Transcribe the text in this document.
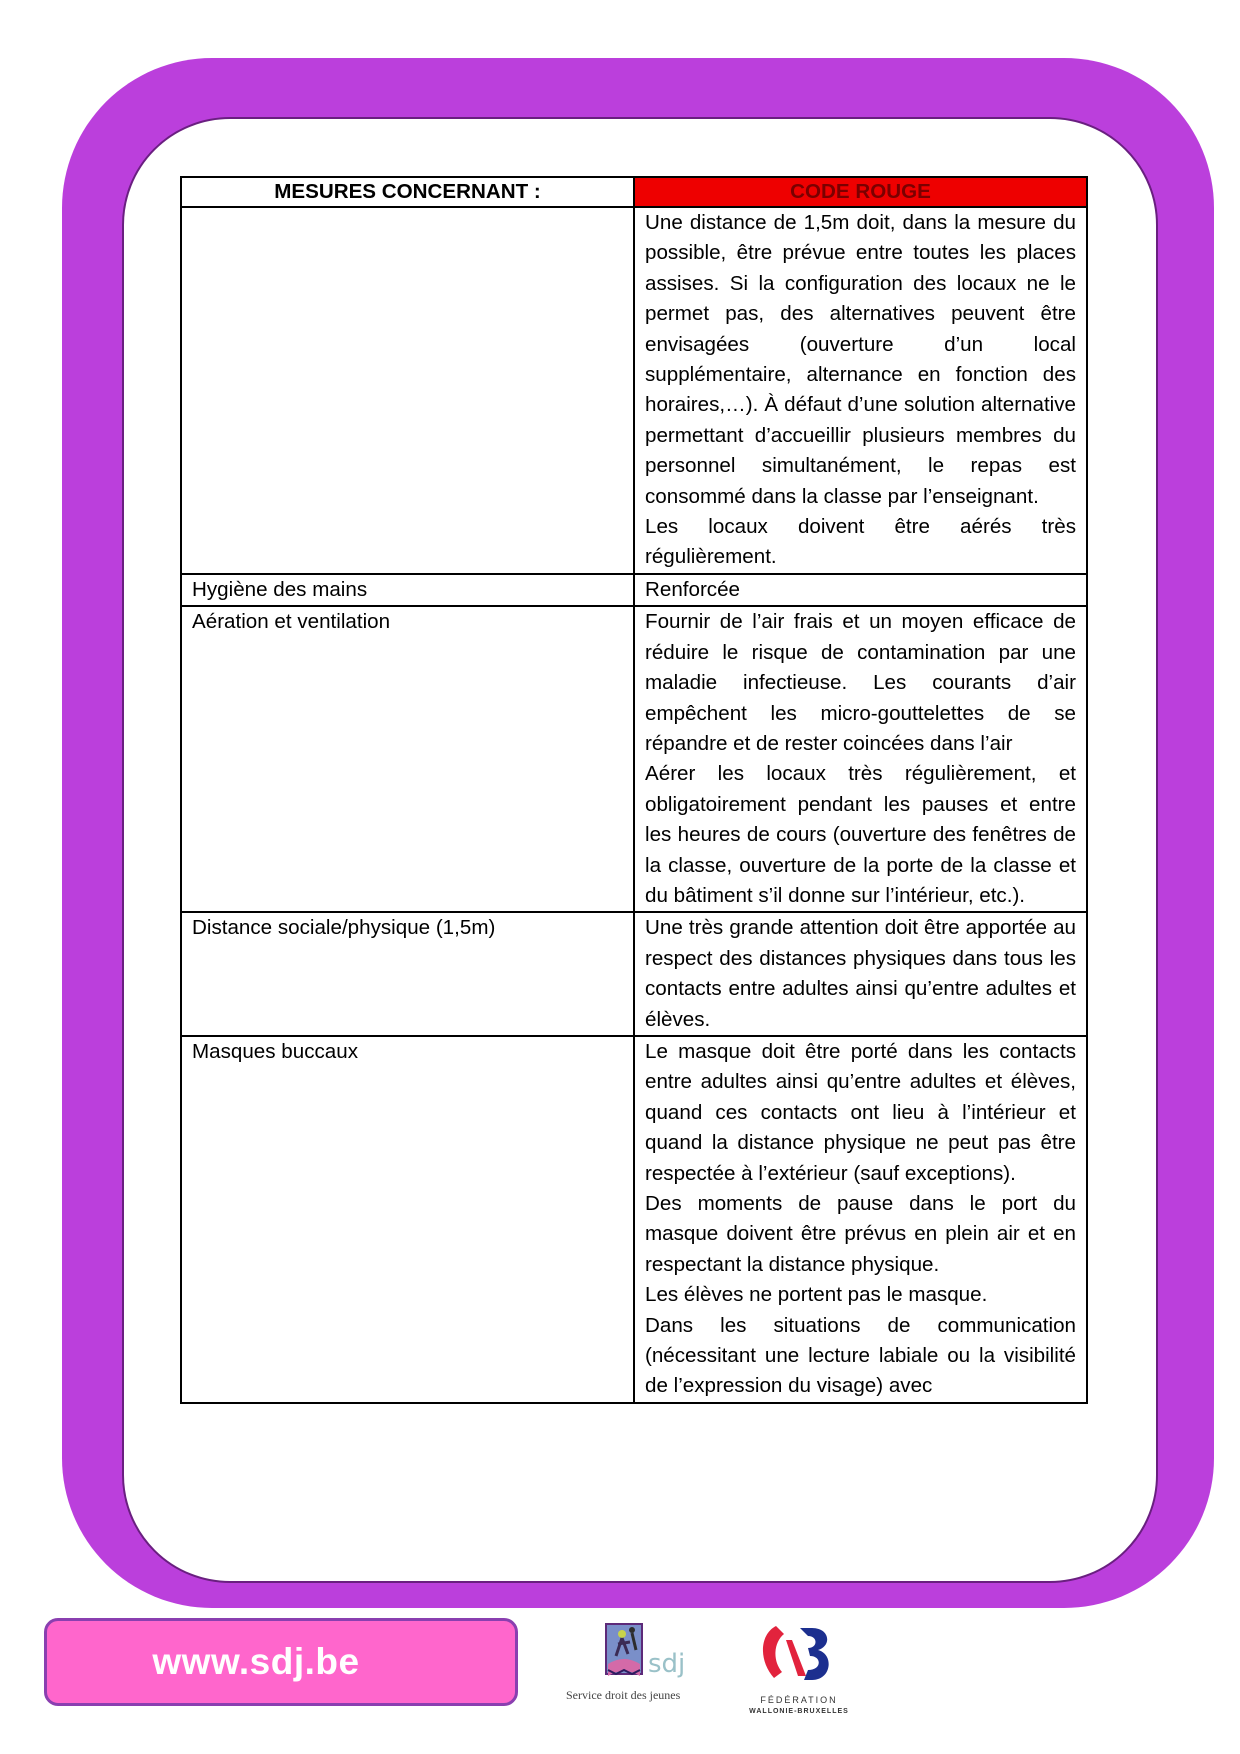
MESURES CONCERNANT :	CODE ROUGE

	Une distance de 1,5m doit, dans la mesure du possible, être prévue entre toutes les places assises. Si la configuration des locaux ne le permet pas, des alternatives peuvent être envisagées (ouverture d’un local supplémentaire, alternance en fonction des horaires,…). À défaut d’une solution alternative permettant d’accueillir plusieurs membres du personnel simultanément, le repas est consommé dans la classe par l’enseignant.

Les locaux doivent être aérés très régulièrement.

Hygiène des mains	Renforcée

Aération et ventilation	Fournir de l’air frais et un moyen efficace de réduire le risque de contamination par une maladie infectieuse. Les courants d’air empêchent les micro-gouttelettes de se répandre et de rester coincées dans l’air

Aérer les locaux très régulièrement, et obligatoirement pendant les pauses et entre les heures de cours (ouverture des fenêtres de la classe, ouverture de la porte de la classe et du bâtiment s’il donne sur l’intérieur, etc.).

Distance sociale/physique (1,5m)	Une très grande attention doit être apportée au respect des distances physiques dans tous les contacts entre adultes ainsi qu’entre adultes et élèves.

Masques buccaux	Le masque doit être porté dans les contacts entre adultes ainsi qu’entre adultes et élèves, quand ces contacts ont lieu à l’intérieur et quand la distance physique ne peut pas être respectée à l’extérieur (sauf exceptions).

Des moments de pause dans le port du masque doivent être prévus en plein air et en respectant la distance physique.

Les élèves ne portent pas le masque.

Dans les situations de communication (nécessitant une lecture labiale ou la visibilité de l’expression du visage) avec

www.sdj.be	sdj
Service droit des jeunes	FÉDÉRATION
WALLONIE-BRUXELLES
